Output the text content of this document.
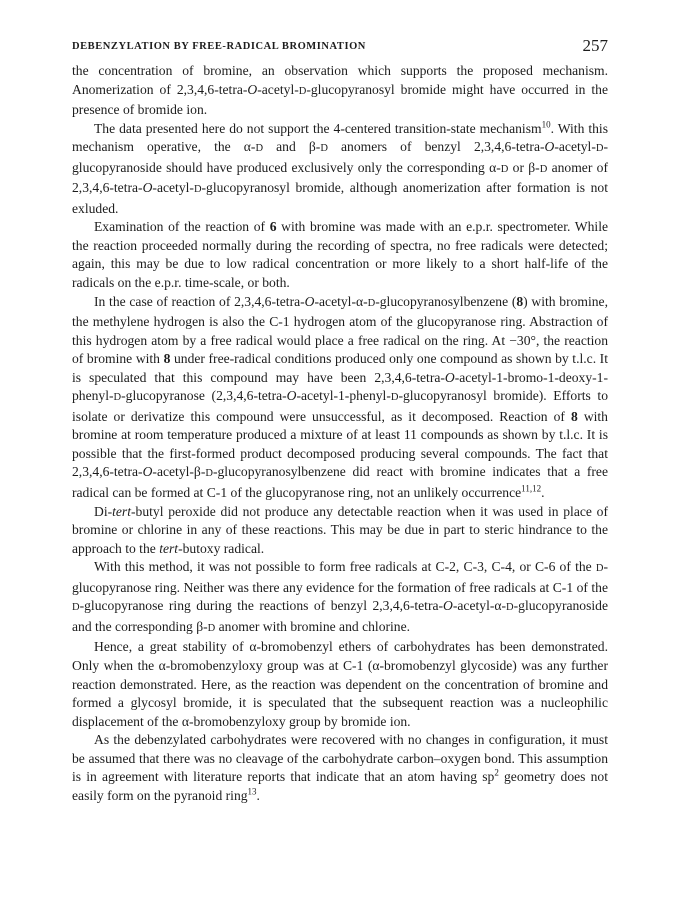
DEBENZYLATION BY FREE-RADICAL BROMINATION	257

the concentration of bromine, an observation which supports the proposed mechanism. Anomerization of 2,3,4,6-tetra-O-acetyl-D-glucopyranosyl bromide might have occurred in the presence of bromide ion.

The data presented here do not support the 4-centered transition-state mechanism$^{10}$. With this mechanism operative, the α-D and β-D anomers of benzyl 2,3,4,6-tetra-O-acetyl-D-glucopyranoside should have produced exclusively only the corresponding α-D or β-D anomer of 2,3,4,6-tetra-O-acetyl-D-glucopyranosyl bromide, although anomerization after formation is not exluded.

Examination of the reaction of 6 with bromine was made with an e.p.r. spectrometer. While the reaction proceeded normally during the recording of spectra, no free radicals were detected; again, this may be due to low radical concentration or more likely to a short half-life of the radicals on the e.p.r. time-scale, or both.

In the case of reaction of 2,3,4,6-tetra-O-acetyl-α-D-glucopyranosylbenzene (8) with bromine, the methylene hydrogen is also the C-1 hydrogen atom of the glucopyranose ring. Abstraction of this hydrogen atom by a free radical would place a free radical on the ring. At −30°, the reaction of bromine with 8 under free-radical conditions produced only one compound as shown by t.l.c. It is speculated that this compound may have been 2,3,4,6-tetra-O-acetyl-1-bromo-1-deoxy-1-phenyl-D-glucopyranose (2,3,4,6-tetra-O-acetyl-1-phenyl-D-glucopyranosyl bromide). Efforts to isolate or derivatize this compound were unsuccessful, as it decomposed. Reaction of 8 with bromine at room temperature produced a mixture of at least 11 compounds as shown by t.l.c. It is possible that the first-formed product decomposed producing several compounds. The fact that 2,3,4,6-tetra-O-acetyl-β-D-glucopyranosylbenzene did react with bromine indicates that a free radical can be formed at C-1 of the glucopyranose ring, not an unlikely occurrence$^{11,12}$.

Di-tert-butyl peroxide did not produce any detectable reaction when it was used in place of bromine or chlorine in any of these reactions. This may be due in part to steric hindrance to the approach to the tert-butoxy radical.

With this method, it was not possible to form free radicals at C-2, C-3, C-4, or C-6 of the D-glucopyranose ring. Neither was there any evidence for the formation of free radicals at C-1 of the D-glucopyranose ring during the reactions of benzyl 2,3,4,6-tetra-O-acetyl-α-D-glucopyranoside and the corresponding β-D anomer with bromine and chlorine.

Hence, a great stability of α-bromobenzyl ethers of carbohydrates has been demonstrated. Only when the α-bromobenzyloxy group was at C-1 (α-bromobenzyl glycoside) was any further reaction demonstrated. Here, as the reaction was dependent on the concentration of bromine and formed a glycosyl bromide, it is speculated that the subsequent reaction was a nucleophilic displacement of the α-bromobenzyloxy group by bromide ion.

As the debenzylated carbohydrates were recovered with no changes in configuration, it must be assumed that there was no cleavage of the carbohydrate carbon–oxygen bond. This assumption is in agreement with literature reports that indicate that an atom having $sp^2$ geometry does not easily form on the pyranoid ring$^{13}$.
